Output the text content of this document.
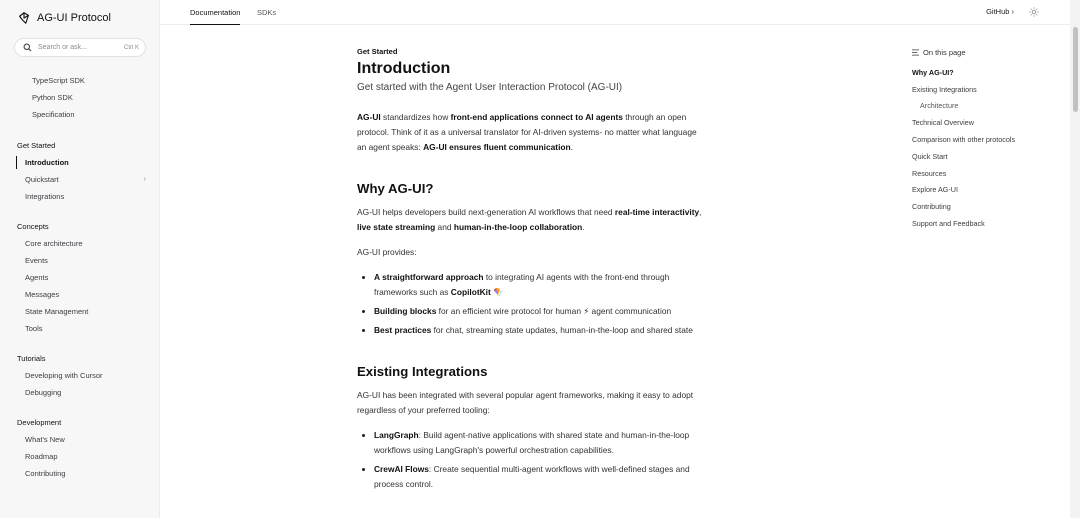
AG-UI Protocol
Search or ask...	Ctrl K
TypeScript SDK
Python SDK
Specification
Get Started
Introduction
Quickstart	›
Integrations
Concepts
Core architecture
Events
Agents
Messages
State Management
Tools
Tutorials
Developing with Cursor
Debugging
Development
What's New
Roadmap
Contributing
Documentation SDKs	GitHub ›
Get Started
Introduction
Get started with the Agent User Interaction Protocol (AG-UI)

AG-UI standardizes how front-end applications connect to AI agents through an open protocol. Think of it as a universal translator for AI-driven systems- no matter what language an agent speaks: AG-UI ensures fluent communication.

Why AG-UI?

AG-UI helps developers build next-generation AI workflows that need real-time interactivity, live state streaming and human-in-the-loop collaboration.

AG-UI provides:

A straightforward approach to integrating AI agents with the front-end through frameworks such as CopilotKit 🪁
Building blocks for an efficient wire protocol for human ⚡ agent communication
Best practices for chat, streaming state updates, human-in-the-loop and shared state
Existing Integrations

AG-UI has been integrated with several popular agent frameworks, making it easy to adopt regardless of your preferred tooling:

LangGraph: Build agent-native applications with shared state and human-in-the-loop workflows using LangGraph's powerful orchestration capabilities.
CrewAI Flows: Create sequential multi-agent workflows with well-defined stages and process control.
On this page
Why AG-UI?
Existing Integrations
Architecture
Technical Overview
Comparison with other protocols
Quick Start
Resources
Explore AG-UI
Contributing
Support and Feedback
